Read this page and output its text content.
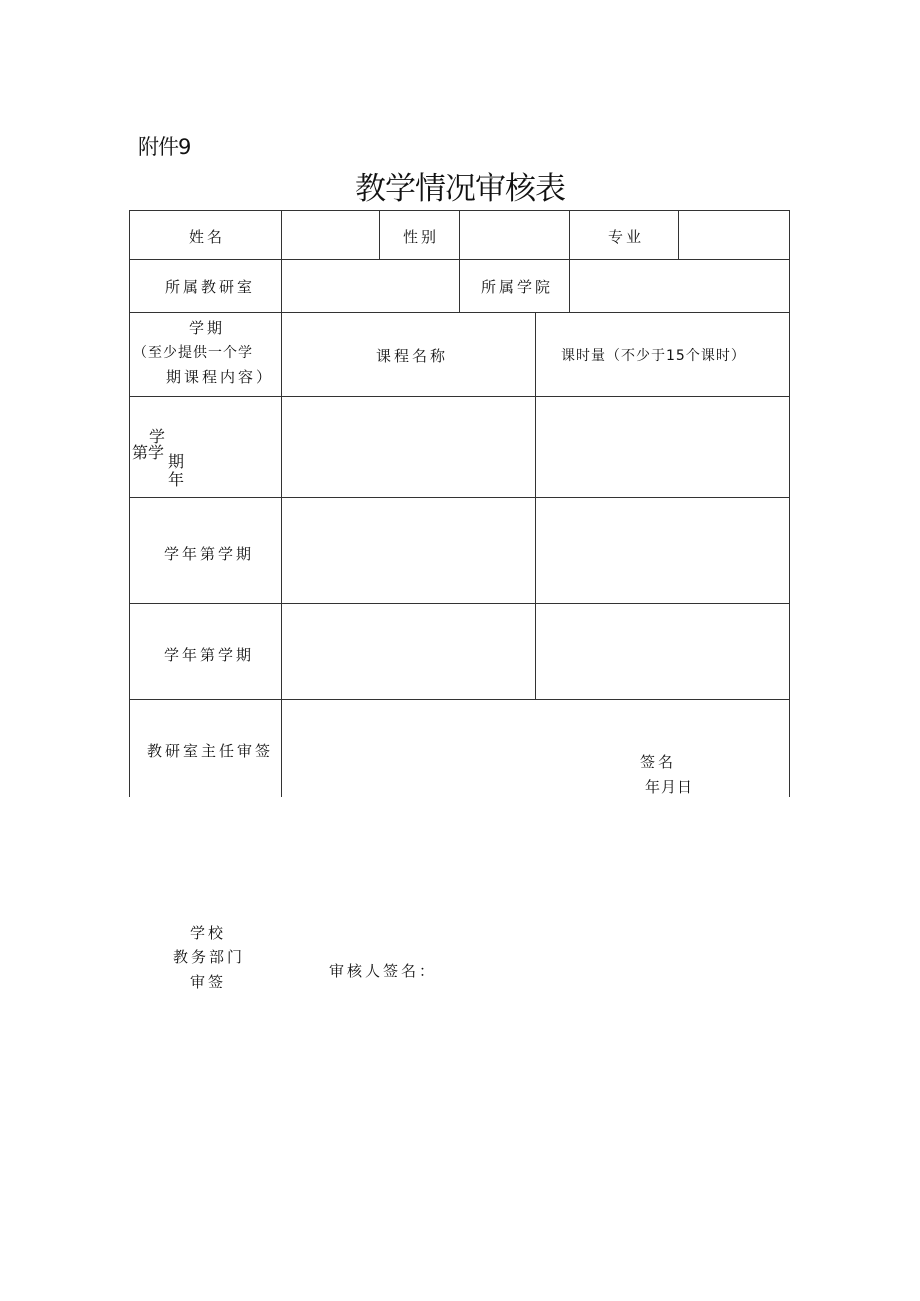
附件9
教学情况审核表
姓名	性别	专业
所属教研室	所属学院
学期
（至少提供一个学
期课程内容）
课程名称	课时量（不少于15个课时）
学
第学 期
年
学年第学期
学年第学期
教研室主任审签
签名
年月日
学校
教务部门
审签
审核人签名：
